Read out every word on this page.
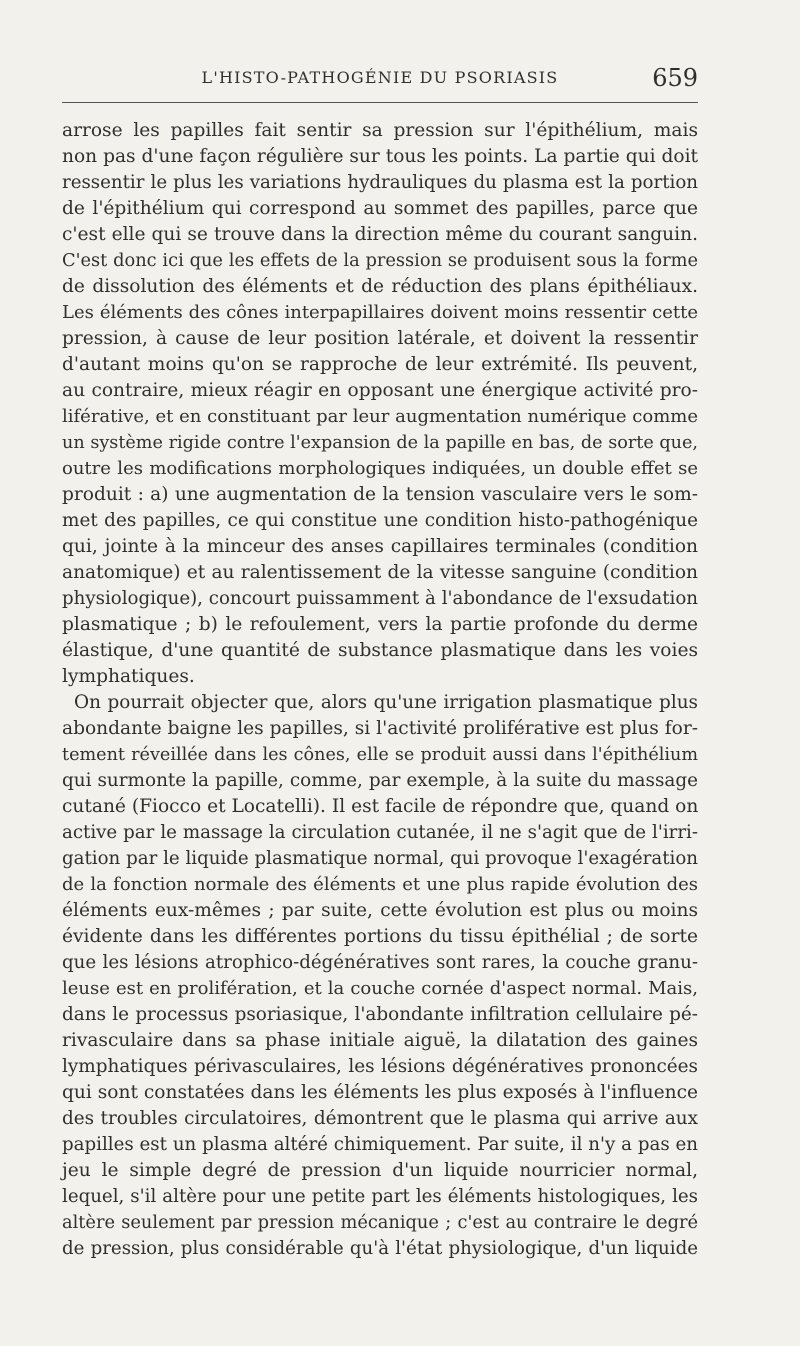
L'HISTO-PATHOGÉNIE DU PSORIASIS	659

arrose les papilles fait sentir sa pression sur l'épithélium, mais
non pas d'une façon régulière sur tous les points. La partie qui doit
ressentir le plus les variations hydrauliques du plasma est la portion
de l'épithélium qui correspond au sommet des papilles, parce que
c'est elle qui se trouve dans la direction même du courant sanguin.
C'est donc ici que les effets de la pression se produisent sous la forme
de dissolution des éléments et de réduction des plans épithéliaux.
Les éléments des cônes interpapillaires doivent moins ressentir cette
pression, à cause de leur position latérale, et doivent la ressentir
d'autant moins qu'on se rapproche de leur extrémité. Ils peuvent,
au contraire, mieux réagir en opposant une énergique activité pro-
liférative, et en constituant par leur augmentation numérique comme
un système rigide contre l'expansion de la papille en bas, de sorte que,
outre les modifications morphologiques indiquées, un double effet se
produit : a) une augmentation de la tension vasculaire vers le som-
met des papilles, ce qui constitue une condition histo-pathogénique
qui, jointe à la minceur des anses capillaires terminales (condition
anatomique) et au ralentissement de la vitesse sanguine (condition
physiologique), concourt puissamment à l'abondance de l'exsudation
plasmatique ; b) le refoulement, vers la partie profonde du derme
élastique, d'une quantité de substance plasmatique dans les voies
lymphatiques.

On pourrait objecter que, alors qu'une irrigation plasmatique plus
abondante baigne les papilles, si l'activité proliférative est plus for-
tement réveillée dans les cônes, elle se produit aussi dans l'épithélium
qui surmonte la papille, comme, par exemple, à la suite du massage
cutané (Fiocco et Locatelli). Il est facile de répondre que, quand on
active par le massage la circulation cutanée, il ne s'agit que de l'irri-
gation par le liquide plasmatique normal, qui provoque l'exagération
de la fonction normale des éléments et une plus rapide évolution des
éléments eux-mêmes ; par suite, cette évolution est plus ou moins
évidente dans les différentes portions du tissu épithélial ; de sorte
que les lésions atrophico-dégénératives sont rares, la couche granu-
leuse est en prolifération, et la couche cornée d'aspect normal. Mais,
dans le processus psoriasique, l'abondante infiltration cellulaire pé-
rivasculaire dans sa phase initiale aiguë, la dilatation des gaines
lymphatiques périvasculaires, les lésions dégénératives prononcées
qui sont constatées dans les éléments les plus exposés à l'influence
des troubles circulatoires, démontrent que le plasma qui arrive aux
papilles est un plasma altéré chimiquement. Par suite, il n'y a pas en
jeu le simple degré de pression d'un liquide nourricier normal,
lequel, s'il altère pour une petite part les éléments histologiques, les
altère seulement par pression mécanique ; c'est au contraire le degré
de pression, plus considérable qu'à l'état physiologique, d'un liquide
